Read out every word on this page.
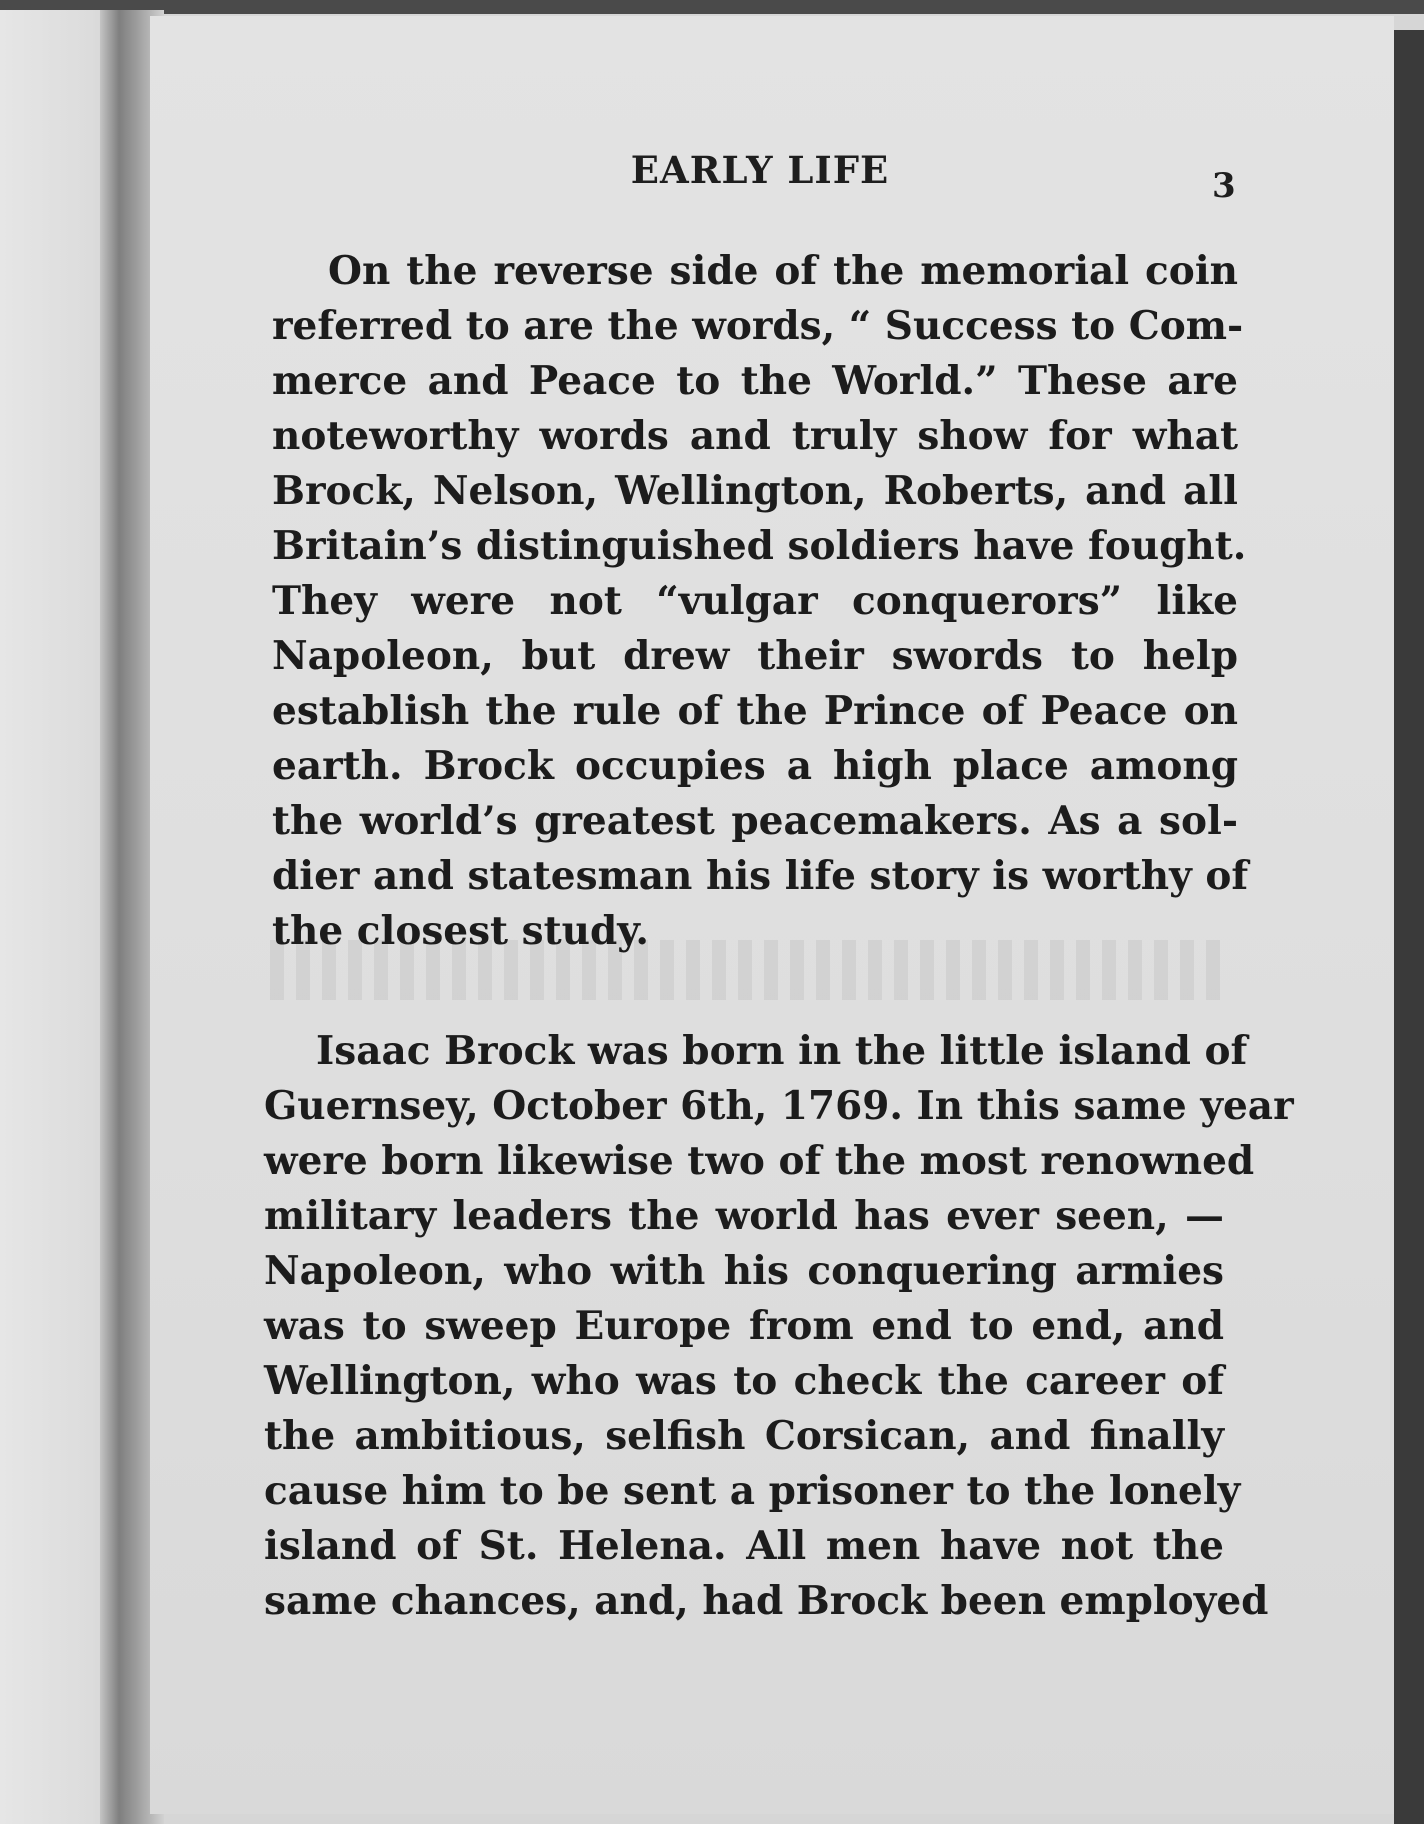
EARLY LIFE	3
On the reverse side of the memorial coin
referred to are the words, “ Success to Com-
merce and Peace to the World.” These are
noteworthy words and truly show for what
Brock, Nelson, Wellington, Roberts, and all
Britain’s distinguished soldiers have fought.
They were not “vulgar conquerors” like
Napoleon, but drew their swords to help
establish the rule of the Prince of Peace on
earth. Brock occupies a high place among
the world’s greatest peacemakers. As a sol-
dier and statesman his life story is worthy of
the closest study.
Isaac Brock was born in the little island of
Guernsey, October 6th, 1769. In this same year
were born likewise two of the most renowned
military leaders the world has ever seen, —
Napoleon, who with his conquering armies
was to sweep Europe from end to end, and
Wellington, who was to check the career of
the ambitious, selfish Corsican, and finally
cause him to be sent a prisoner to the lonely
island of St. Helena. All men have not the
same chances, and, had Brock been employed
